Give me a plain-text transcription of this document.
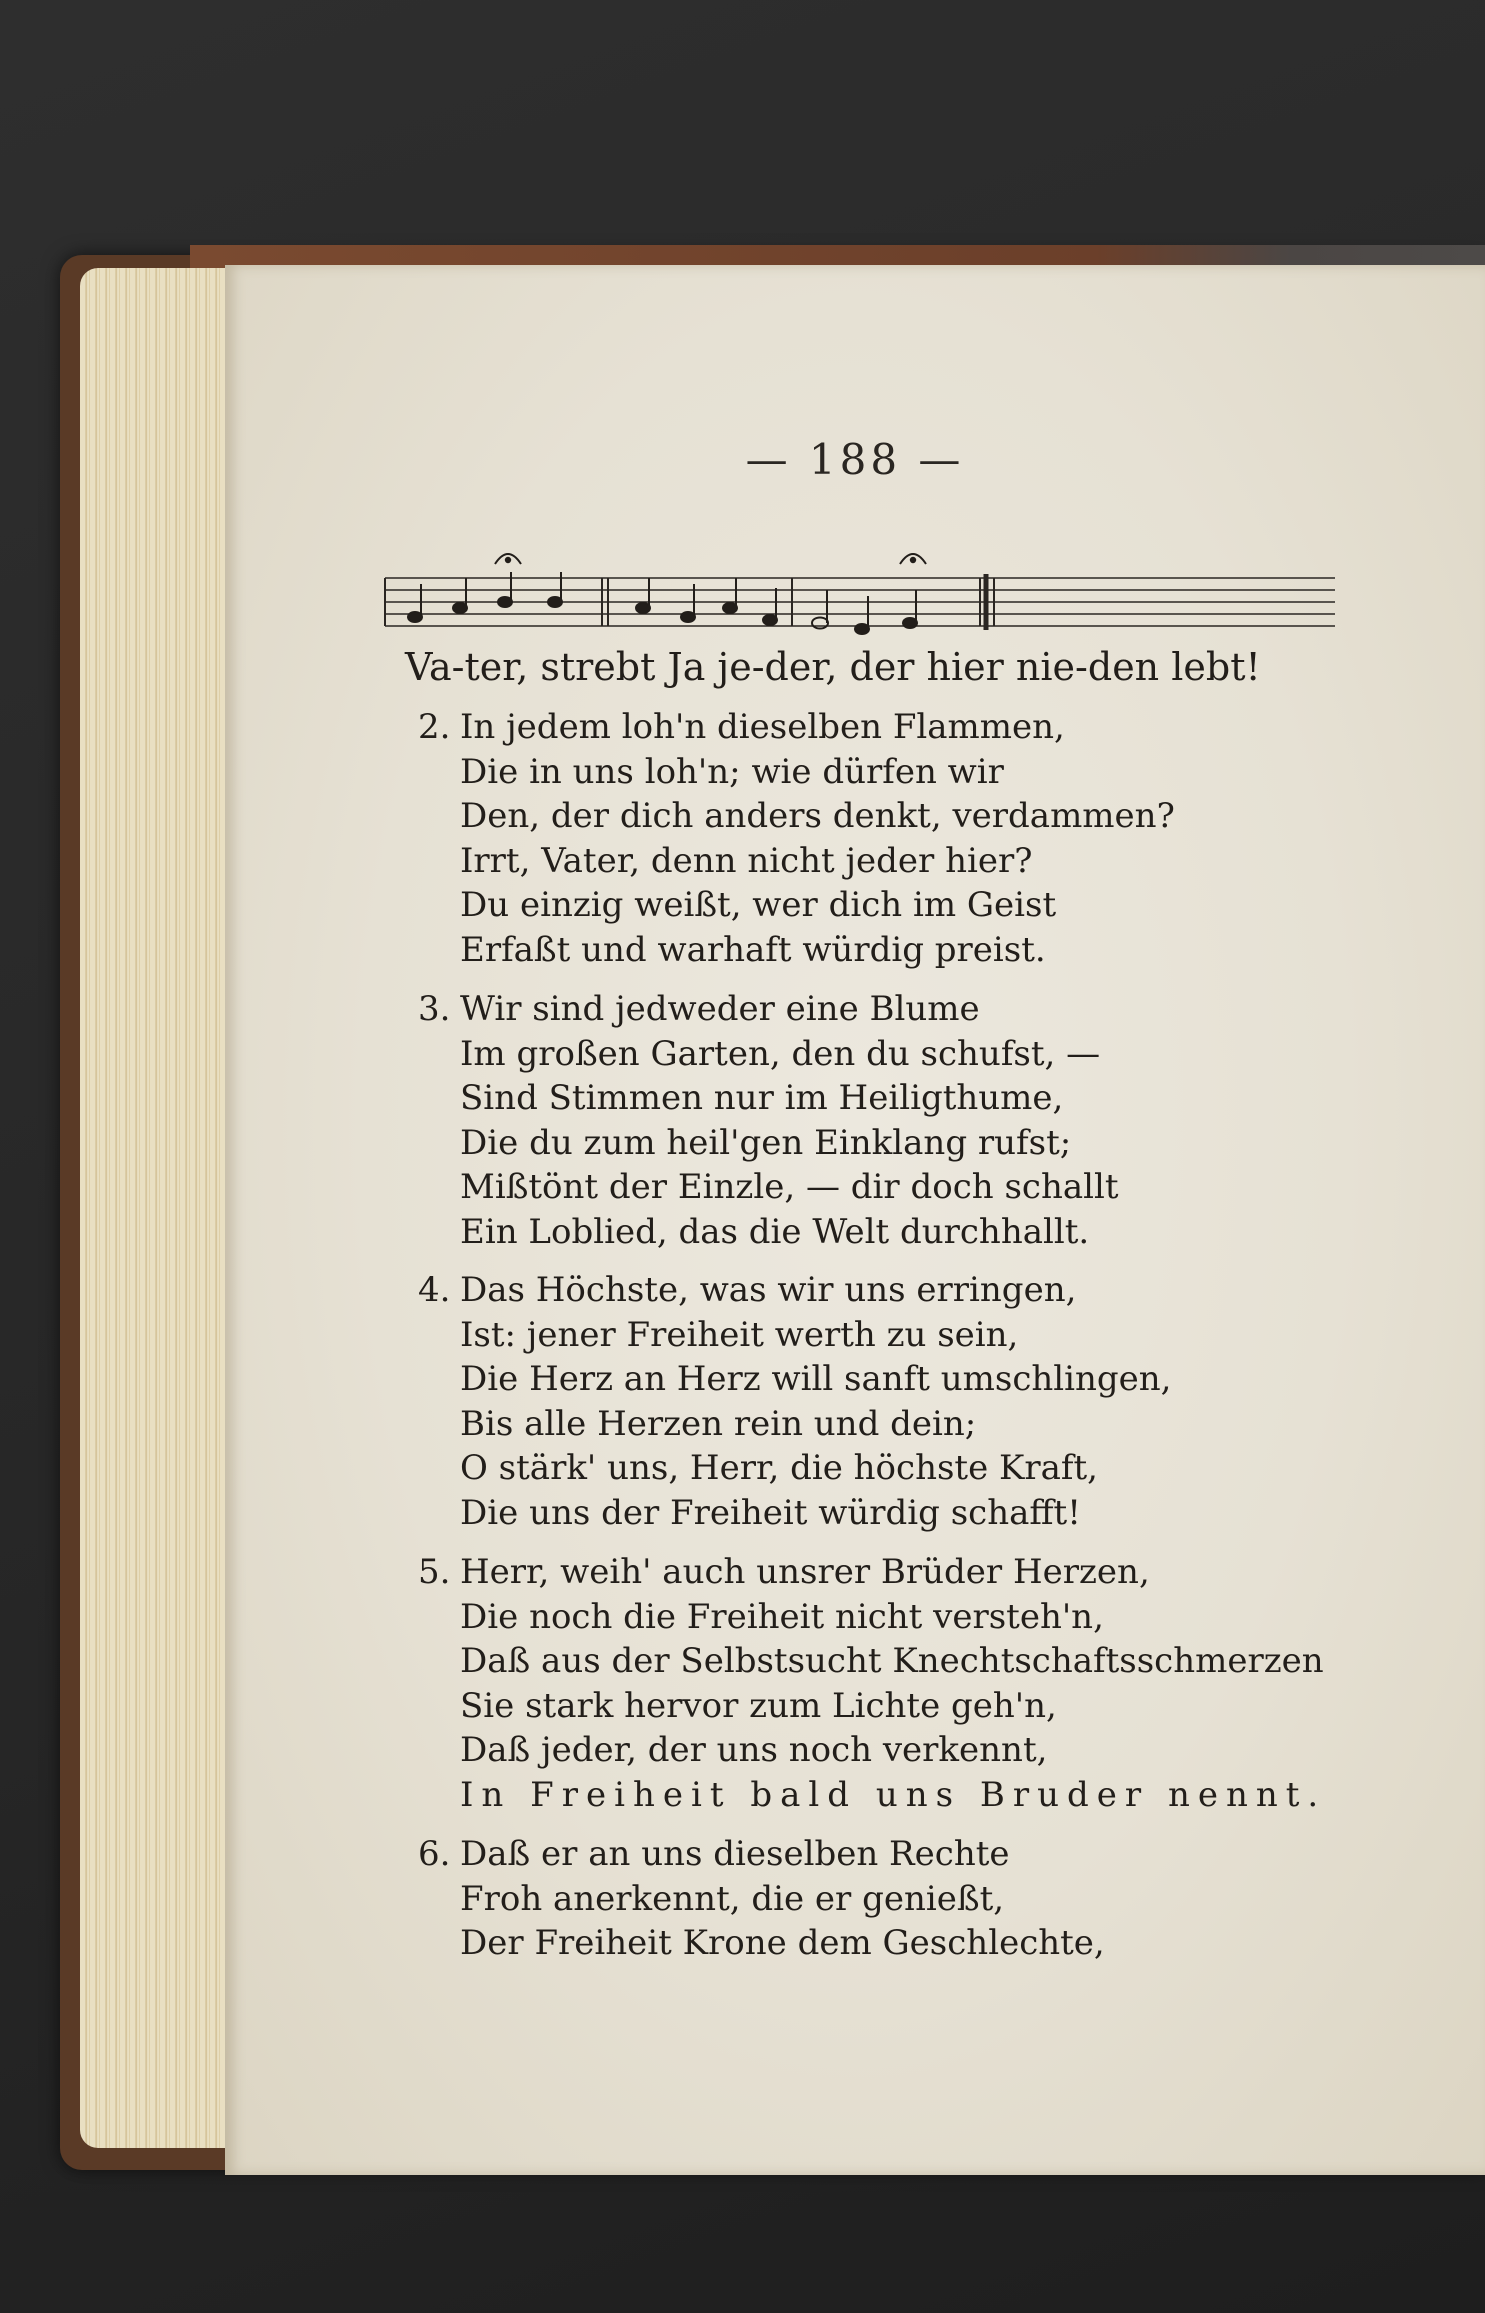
— 188 —
Va-ter, strebt Ja je-der, der hier nie-den lebt!
2. In jedem loh'n dieselben Flammen,
Die in uns loh'n; wie dürfen wir
Den, der dich anders denkt, verdammen?
Irrt, Vater, denn nicht jeder hier?
Du einzig weißt, wer dich im Geist
Erfaßt und warhaft würdig preist.
3. Wir sind jedweder eine Blume
Im großen Garten, den du schufst, —
Sind Stimmen nur im Heiligthume,
Die du zum heil'gen Einklang rufst;
Mißtönt der Einzle, — dir doch schallt
Ein Loblied, das die Welt durchhallt.
4. Das Höchste, was wir uns erringen,
Ist: jener Freiheit werth zu sein,
Die Herz an Herz will sanft umschlingen,
Bis alle Herzen rein und dein;
O stärk' uns, Herr, die höchste Kraft,
Die uns der Freiheit würdig schafft!
5. Herr, weih' auch unsrer Brüder Herzen,
Die noch die Freiheit nicht versteh'n,
Daß aus der Selbstsucht Knechtschaftsschmerzen
Sie stark hervor zum Lichte geh'n,
Daß jeder, der uns noch verkennt,
In Freiheit bald uns Bruder nennt.
6. Daß er an uns dieselben Rechte
Froh anerkennt, die er genießt,
Der Freiheit Krone dem Geschlechte,
